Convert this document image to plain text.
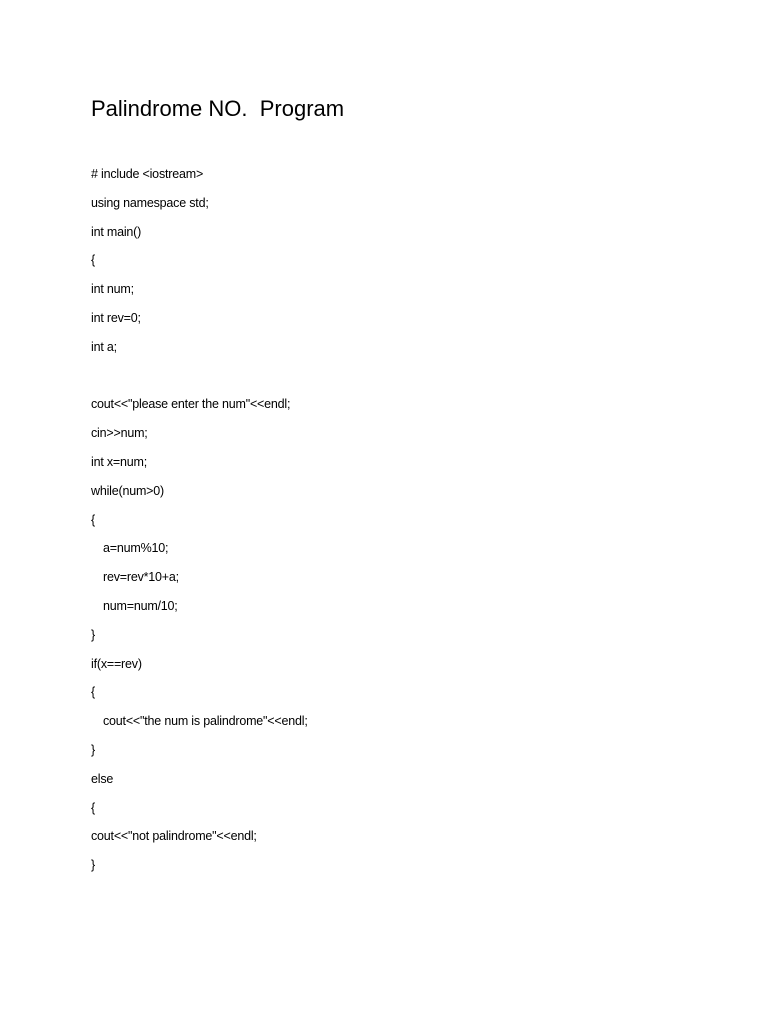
Palindrome NO.  Program
# include <iostream>
using namespace std;
int main()
{
int num;
int rev=0;
int a;
cout<<"please enter the num"<<endl;
cin>>num;
int x=num;
while(num>0)
{
a=num%10;
rev=rev*10+a;
num=num/10;
}
if(x==rev)
{
cout<<"the num is palindrome"<<endl;
}
else
{
cout<<"not palindrome"<<endl;
}
